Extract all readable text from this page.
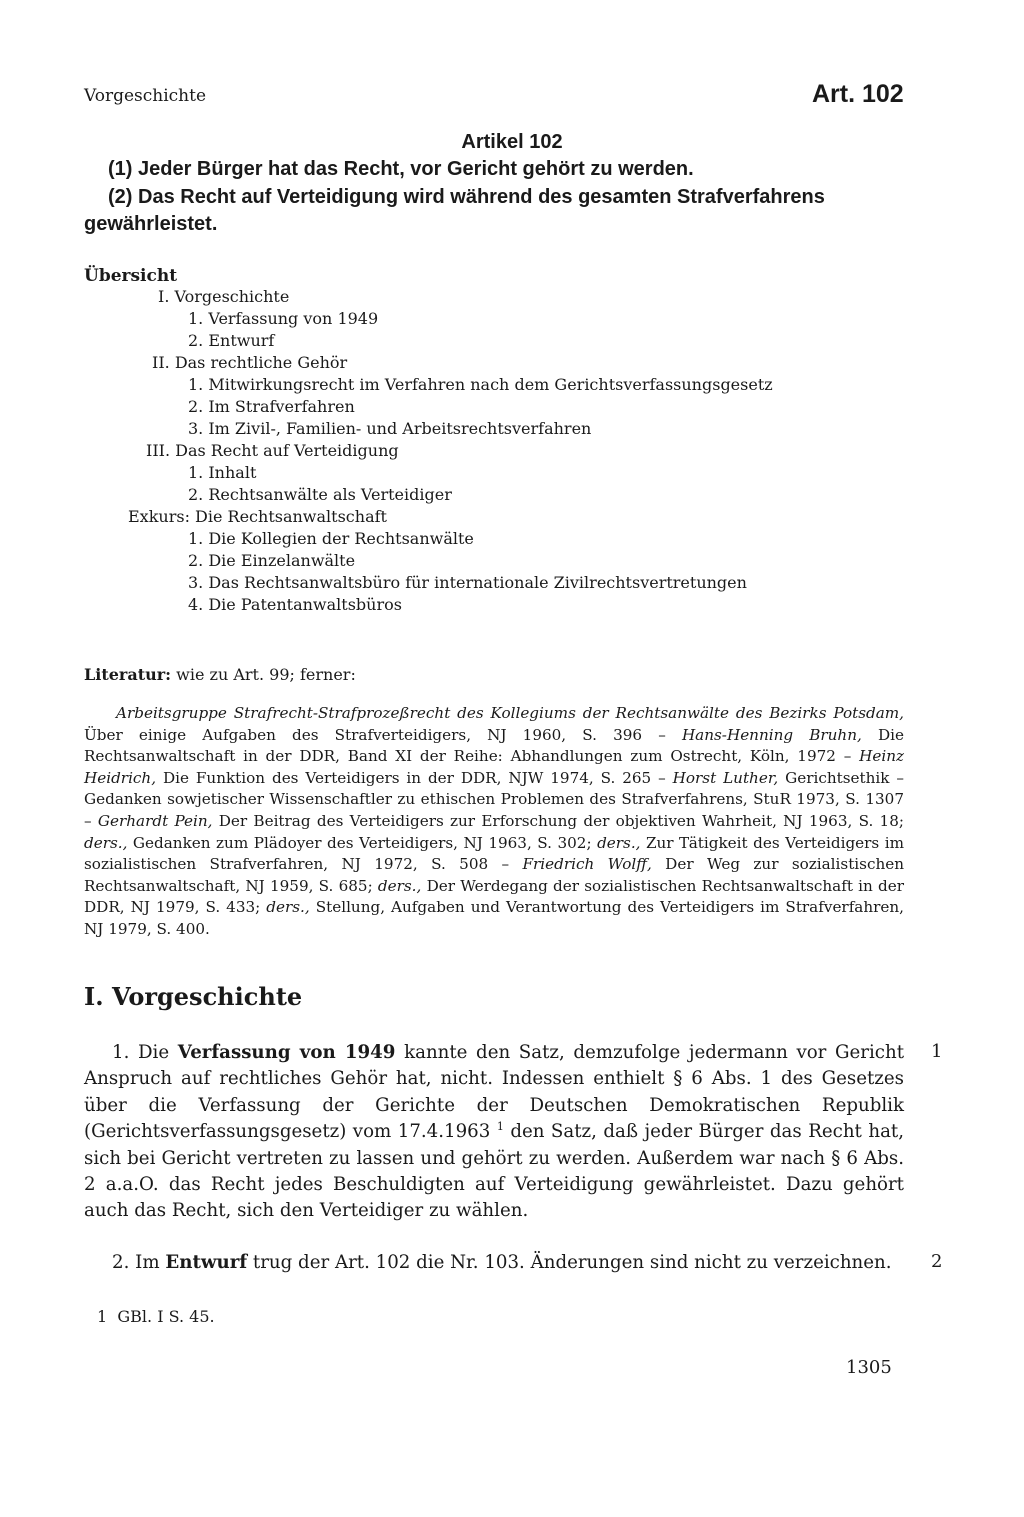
Vorgeschichte	Art. 102
Artikel 102
(1) Jeder Bürger hat das Recht, vor Gericht gehört zu werden.
(2) Das Recht auf Verteidigung wird während des gesamten Strafverfahrens gewährleistet.
Übersicht
I. Vorgeschichte
1. Verfassung von 1949
2. Entwurf
II. Das rechtliche Gehör
1. Mitwirkungsrecht im Verfahren nach dem Gerichtsverfassungsgesetz
2. Im Strafverfahren
3. Im Zivil-, Familien- und Arbeitsrechtsverfahren
III. Das Recht auf Verteidigung
1. Inhalt
2. Rechtsanwälte als Verteidiger
Exkurs: Die Rechtsanwaltschaft
1. Die Kollegien der Rechtsanwälte
2. Die Einzelanwälte
3. Das Rechtsanwaltsbüro für internationale Zivilrechtsvertretungen
4. Die Patentanwaltsbüros
Literatur: wie zu Art. 99; ferner:
Arbeitsgruppe Strafrecht-Strafprozeßrecht des Kollegiums der Rechtsanwälte des Bezirks Potsdam, Über einige Aufgaben des Strafverteidigers, NJ 1960, S. 396 – Hans-Henning Bruhn, Die Rechtsanwaltschaft in der DDR, Band XI der Reihe: Abhandlungen zum Ostrecht, Köln, 1972 – Heinz Heidrich, Die Funktion des Verteidigers in der DDR, NJW 1974, S. 265 – Horst Luther, Gerichtsethik – Gedanken sowjetischer Wissenschaftler zu ethischen Problemen des Strafverfahrens, StuR 1973, S. 1307 – Gerhardt Pein, Der Beitrag des Verteidigers zur Erforschung der objektiven Wahrheit, NJ 1963, S. 18; ders., Gedanken zum Plädoyer des Verteidigers, NJ 1963, S. 302; ders., Zur Tätigkeit des Verteidigers im sozialistischen Strafverfahren, NJ 1972, S. 508 – Friedrich Wolff, Der Weg zur sozialistischen Rechtsanwaltschaft, NJ 1959, S. 685; ders., Der Werdegang der sozialistischen Rechtsanwaltschaft in der DDR, NJ 1979, S. 433; ders., Stellung, Aufgaben und Verantwortung des Verteidigers im Strafverfahren, NJ 1979, S. 400.
I. Vorgeschichte
1. Die Verfassung von 1949 kannte den Satz, demzufolge jedermann vor Gericht Anspruch auf rechtliches Gehör hat, nicht. Indessen enthielt § 6 Abs. 1 des Gesetzes über die Verfassung der Gerichte der Deutschen Demokratischen Republik (Gerichtsverfassungsgesetz) vom 17.4.1963 $^1$ den Satz, daß jeder Bürger das Recht hat, sich bei Gericht vertreten zu lassen und gehört zu werden. Außerdem war nach § 6 Abs. 2 a.a.O. das Recht jedes Beschuldigten auf Verteidigung gewährleistet. Dazu gehört auch das Recht, sich den Verteidiger zu wählen.
1
2. Im Entwurf trug der Art. 102 die Nr. 103. Änderungen sind nicht zu verzeichnen.	2
1 GBl. I S. 45.
1305
